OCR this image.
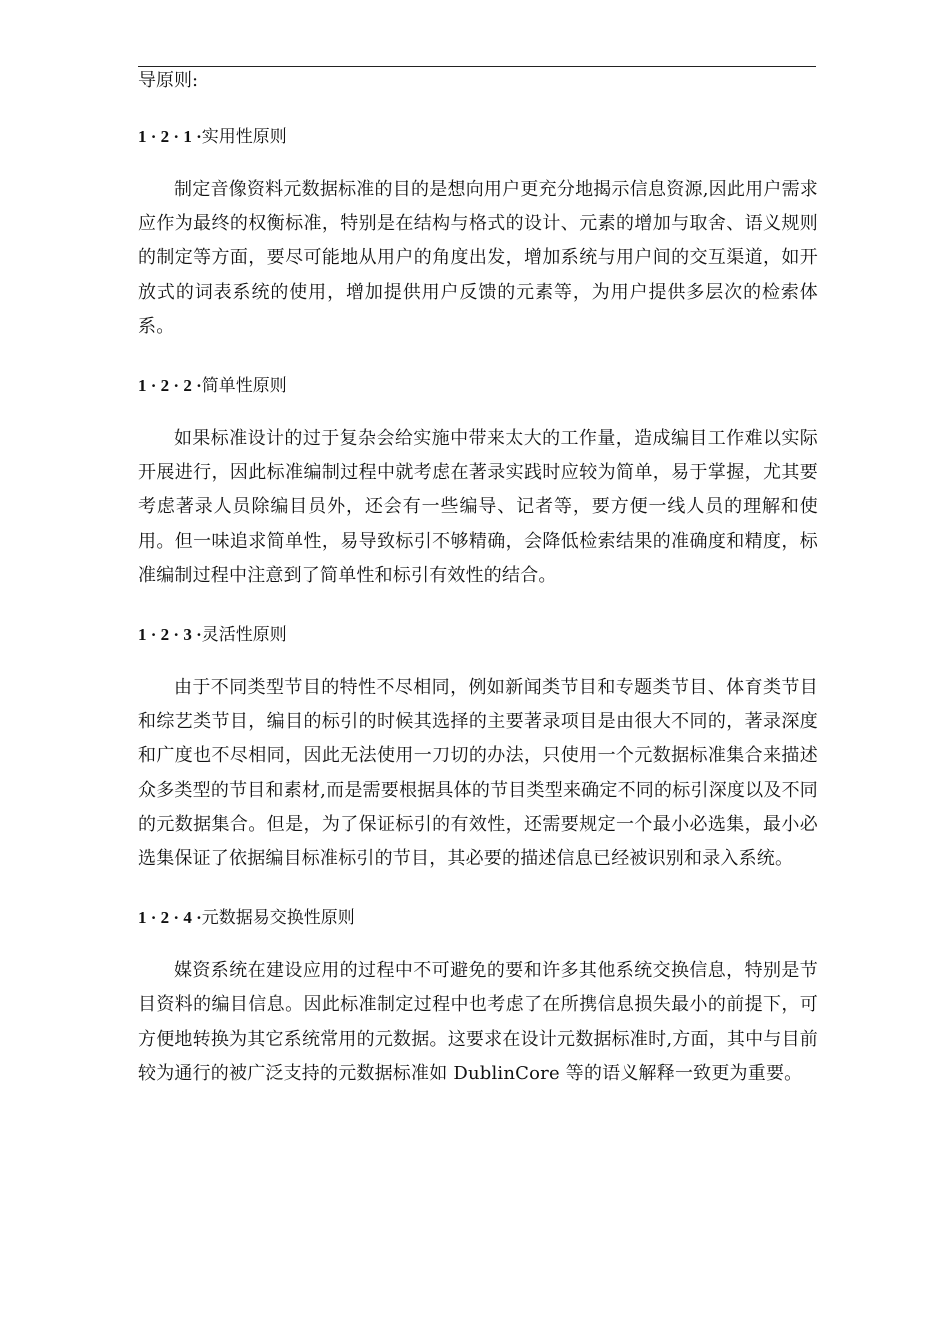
导原则:

1 · 2 · 1 ·实用性原则

制定音像资料元数据标准的目的是想向用户更充分地揭示信息资源,因此用户需求应作为最终的权衡标准，特别是在结构与格式的设计、元素的增加与取舍、语义规则的制定等方面，要尽可能地从用户的角度出发，增加系统与用户间的交互渠道，如开放式的词表系统的使用，增加提供用户反馈的元素等，为用户提供多层次的检索体系。

1 · 2 · 2 ·简单性原则

如果标准设计的过于复杂会给实施中带来太大的工作量，造成编目工作难以实际开展进行，因此标准编制过程中就考虑在著录实践时应较为简单，易于掌握，尤其要考虑著录人员除编目员外，还会有一些编导、记者等，要方便一线人员的理解和使用。但一味追求简单性，易导致标引不够精确，会降低检索结果的准确度和精度，标准编制过程中注意到了简单性和标引有效性的结合。

1 · 2 · 3 ·灵活性原则

由于不同类型节目的特性不尽相同，例如新闻类节目和专题类节目、体育类节目和综艺类节目，编目的标引的时候其选择的主要著录项目是由很大不同的，著录深度和广度也不尽相同，因此无法使用一刀切的办法，只使用一个元数据标准集合来描述众多类型的节目和素材,而是需要根据具体的节目类型来确定不同的标引深度以及不同的元数据集合。但是，为了保证标引的有效性，还需要规定一个最小必选集，最小必选集保证了依据编目标准标引的节目，其必要的描述信息已经被识别和录入系统。

1 · 2 · 4 ·元数据易交换性原则

媒资系统在建设应用的过程中不可避免的要和许多其他系统交换信息，特别是节目资料的编目信息。因此标准制定过程中也考虑了在所携信息损失最小的前提下，可方便地转换为其它系统常用的元数据。这要求在设计元数据标准时,方面，其中与目前较为通行的被广泛支持的元数据标准如 DublinCore 等的语义解释一致更为重要。
